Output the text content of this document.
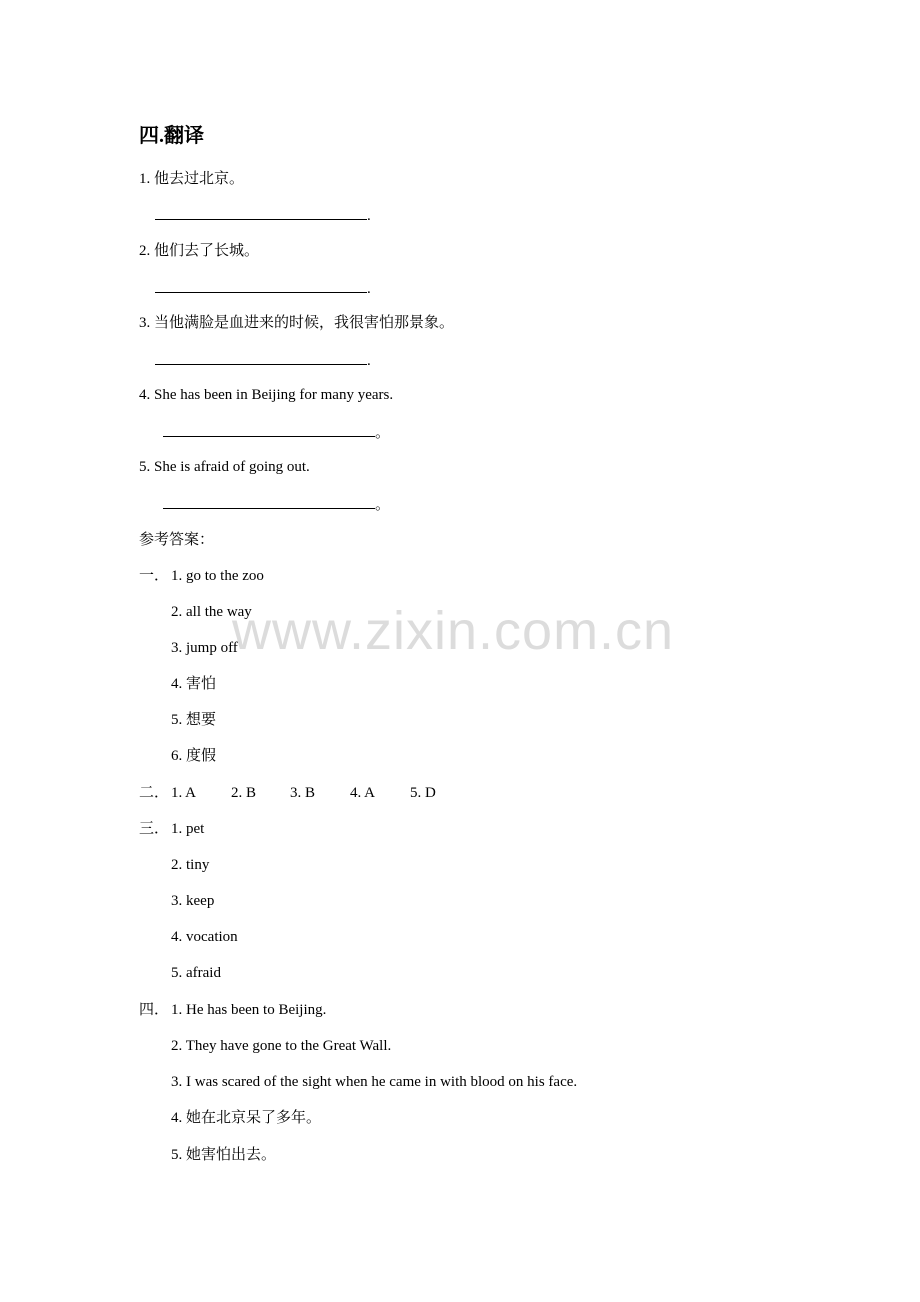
四.翻译
1. 他去过北京。
.
2. 他们去了长城。
.
3. 当他满脸是血进来的时候，我很害怕那景象。
.
4. She has been in Beijing for many years.
。
5. She is afraid of going out.
。
参考答案：
一． 1. go to the zoo
2. all the way
3. jump off
4. 害怕
5. 想要
6. 度假
二． 1. A 2. B 3. B 4. A 5. D
三． 1. pet
2. tiny
3. keep
4. vocation
5. afraid
四． 1. He has been to Beijing.
2. They have gone to the Great Wall.
3. I was scared of the sight when he came in with blood on his face.
4. 她在北京呆了多年。
5. 她害怕出去。
www.zixin.com.cn
